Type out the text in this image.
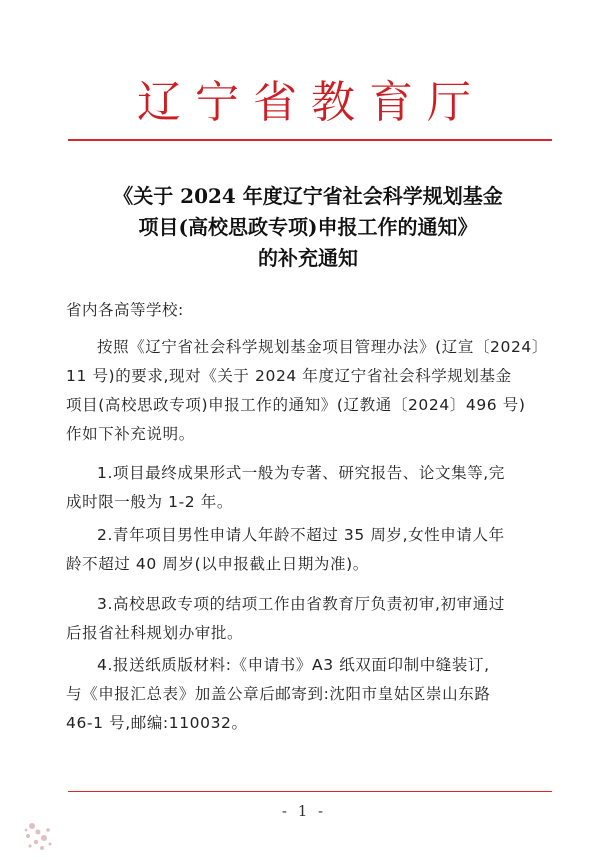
辽宁省教育厅
《关于 2024 年度辽宁省社会科学规划基金
项目(高校思政专项)申报工作的通知》
的补充通知
省内各高等学校:
按照《辽宁省社会科学规划基金项目管理办法》(辽宣〔2024〕
11 号)的要求,现对《关于 2024 年度辽宁省社会科学规划基金
项目(高校思政专项)申报工作的通知》(辽教通〔2024〕496 号)
作如下补充说明。
1.项目最终成果形式一般为专著、研究报告、论文集等,完
成时限一般为 1-2 年。
2.青年项目男性申请人年龄不超过 35 周岁,女性申请人年
龄不超过 40 周岁(以申报截止日期为准)。
3.高校思政专项的结项工作由省教育厅负责初审,初审通过
后报省社科规划办审批。
4.报送纸质版材料:《申请书》A3 纸双面印制中缝装订,
与《申报汇总表》加盖公章后邮寄到:沈阳市皇姑区崇山东路
46-1 号,邮编:110032。
- 1 -
